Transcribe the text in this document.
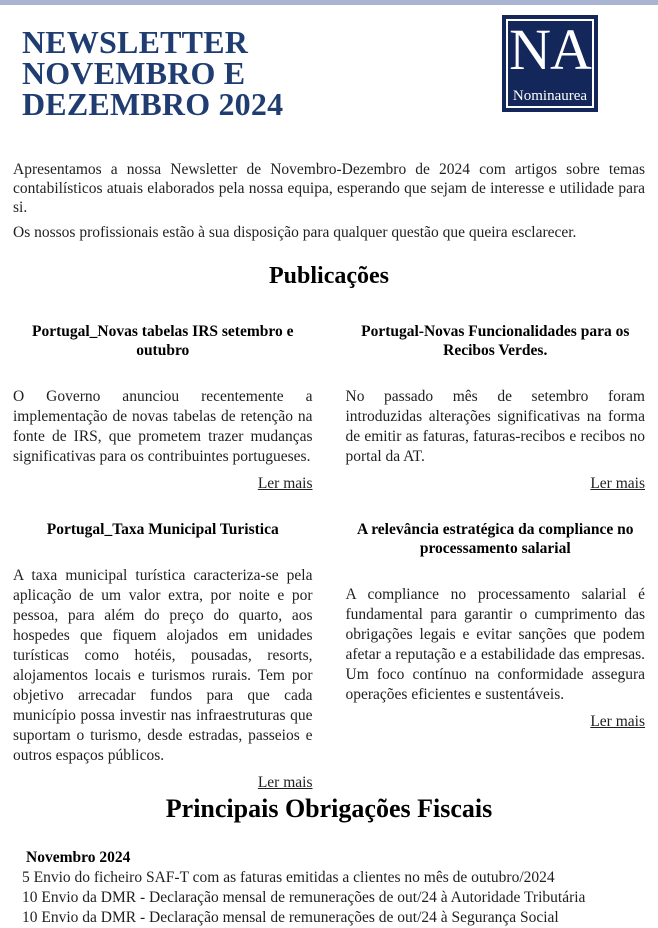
NEWSLETTER
NOVEMBRO E
DEZEMBRO 2024
NA
Nominaurea

Apresentamos a nossa Newsletter de Novembro-Dezembro de 2024 com artigos sobre temas contabilísticos atuais elaborados pela nossa equipa, esperando que sejam de interesse e utilidade para si.

Os nossos profissionais estão à sua disposição para qualquer questão que queira esclarecer.

Publicações
Portugal_Novas tabelas IRS setembro e outubro

O Governo anunciou recentemente a implementação de novas tabelas de retenção na fonte de IRS, que prometem trazer mudanças significativas para os contribuintes portugueses.

Ler mais
Portugal-Novas Funcionalidades para os Recibos Verdes.

No passado mês de setembro foram introduzidas alterações significativas na forma de emitir as faturas, faturas-recibos e recibos no portal da AT.

Ler mais
Portugal_Taxa Municipal Turistica

A taxa municipal turística caracteriza-se pela aplicação de um valor extra, por noite e por pessoa, para além do preço do quarto, aos hospedes que fiquem alojados em unidades turísticas como hotéis, pousadas, resorts, alojamentos locais e turismos rurais. Tem por objetivo arrecadar fundos para que cada município possa investir nas infraestruturas que suportam o turismo, desde estradas, passeios e outros espaços públicos.

Ler mais
A relevância estratégica da compliance no processamento salarial

A compliance no processamento salarial é fundamental para garantir o cumprimento das obrigações legais e evitar sanções que podem afetar a reputação e a estabilidade das empresas. Um foco contínuo na conformidade assegura operações eficientes e sustentáveis.

Ler mais
Principais Obrigações Fiscais
Novembro 2024

5 Envio do ficheiro SAF-T com as faturas emitidas a clientes no mês de outubro/2024

10 Envio da DMR - Declaração mensal de remunerações de out/24 à Autoridade Tributária

10 Envio da DMR - Declaração mensal de remunerações de out/24 à Segurança Social
